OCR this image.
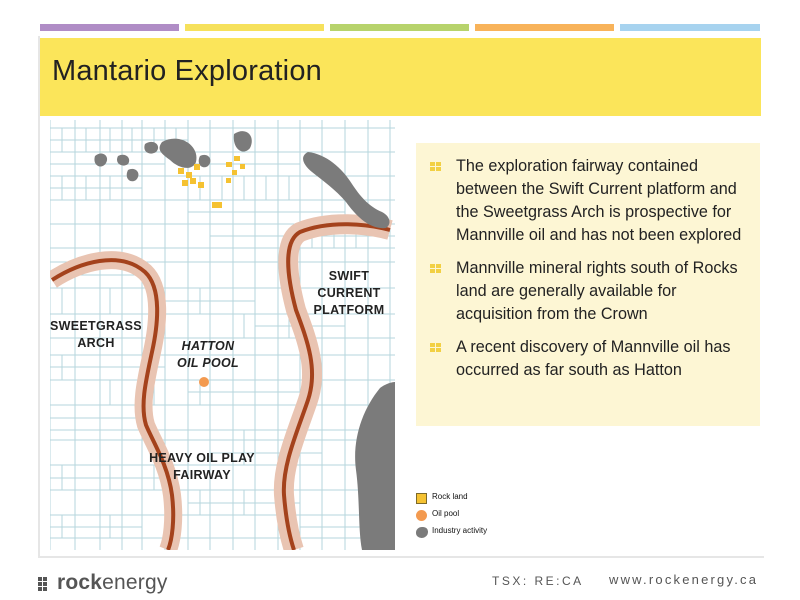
Mantario Exploration
SWEETGRASS
ARCH	HATTON
OIL POOL
SWIFT
CURRENT
PLATFORM
HEAVY OIL PLAY
FAIRWAY
The exploration fairway contained between the Swift Current platform and the Sweetgrass Arch is prospective for Mannville oil and has not been explored
Mannville mineral rights south of Rocks land are generally available for acquisition from the Crown
A recent discovery of Mannville oil has occurred as far south as Hatton
Rock land
Oil pool
Industry activity
rockenergy	TSX: RE:CA www.rockenergy.ca
